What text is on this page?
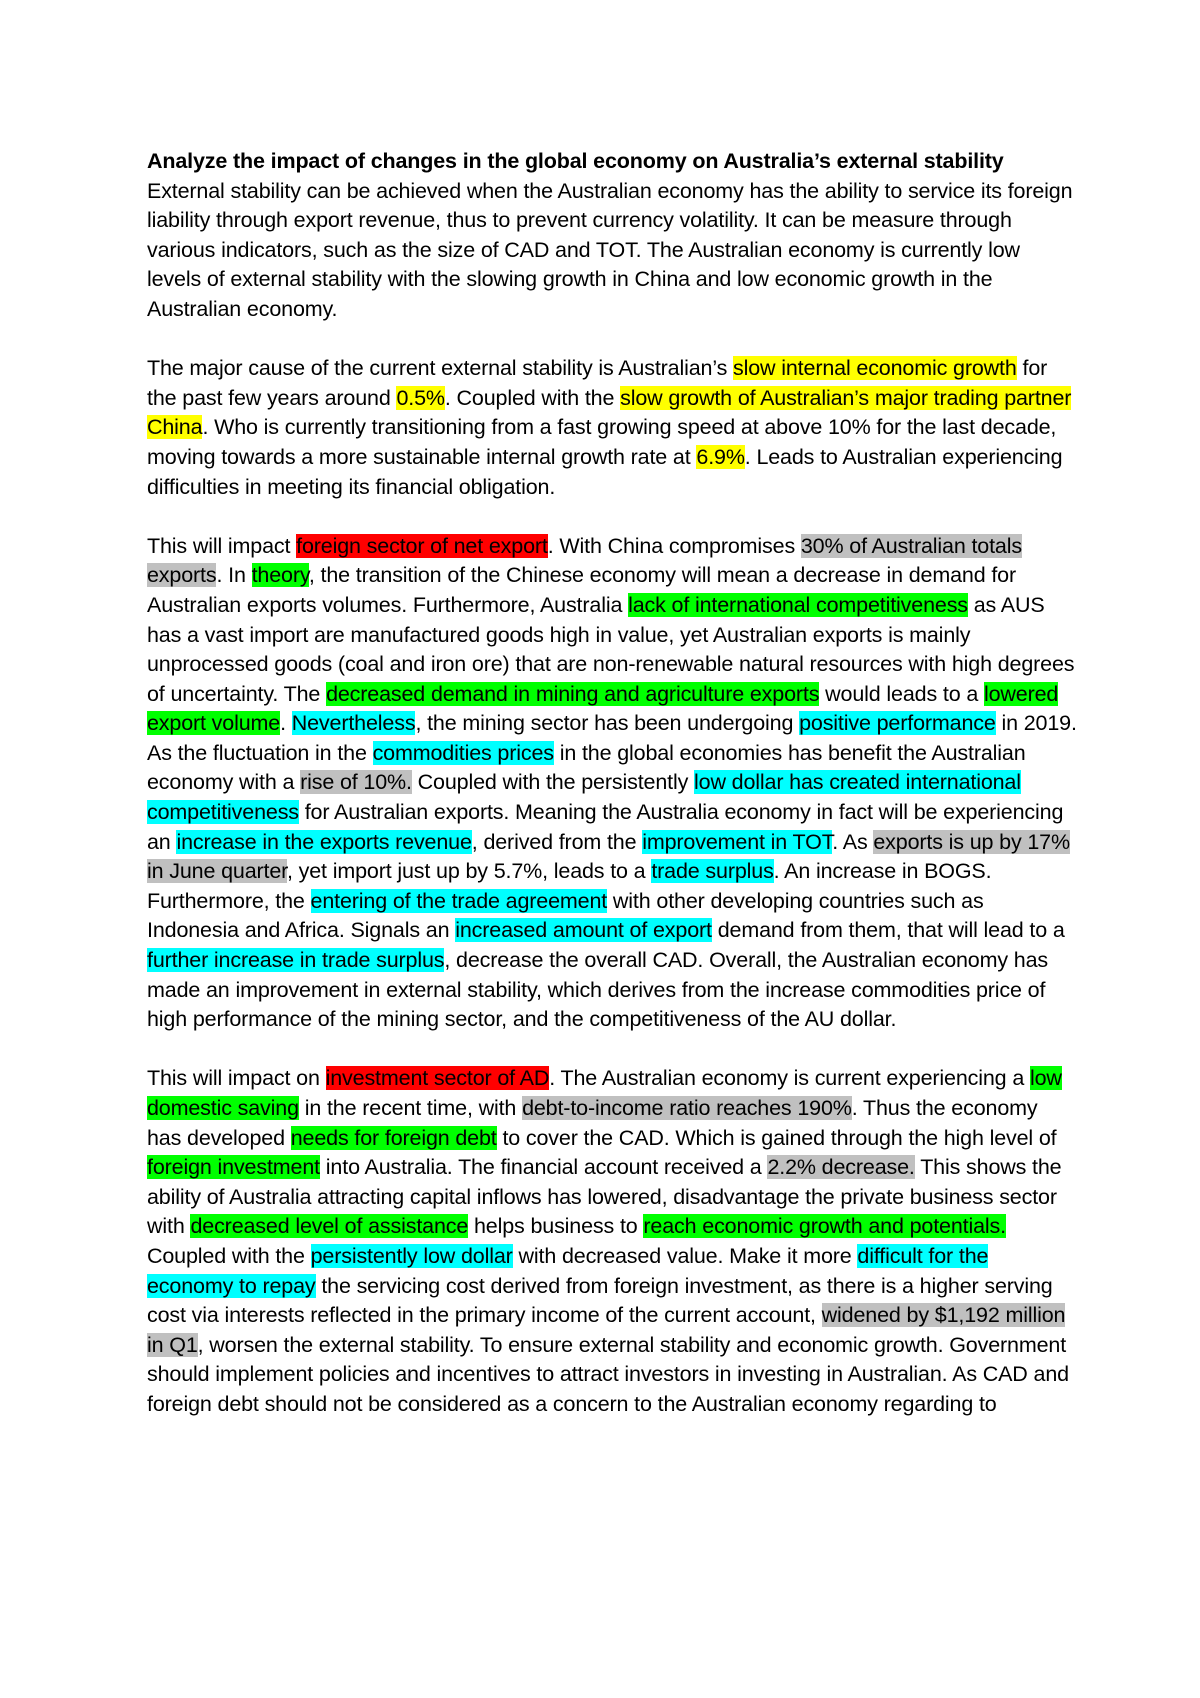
Analyze the impact of changes in the global economy on Australia’s external stability

External stability can be achieved when the Australian economy has the ability to service its foreign liability through export revenue, thus to prevent currency volatility. It can be measure through various indicators, such as the size of CAD and TOT. The Australian economy is currently low levels of external stability with the slowing growth in China and low economic growth in the Australian economy.

The major cause of the current external stability is Australian’s slow internal economic growth for the past few years around 0.5%. Coupled with the slow growth of Australian’s major trading partner China. Who is currently transitioning from a fast growing speed at above 10% for the last decade, moving towards a more sustainable internal growth rate at 6.9%. Leads to Australian experiencing difficulties in meeting its financial obligation.

This will impact foreign sector of net export. With China compromises 30% of Australian totals exports. In theory, the transition of the Chinese economy will mean a decrease in demand for Australian exports volumes. Furthermore, Australia lack of international competitiveness as AUS has a vast import are manufactured goods high in value, yet Australian exports is mainly unprocessed goods (coal and iron ore) that are non-renewable natural resources with high degrees of uncertainty. The decreased demand in mining and agriculture exports would leads to a lowered export volume. Nevertheless, the mining sector has been undergoing positive performance in 2019. As the fluctuation in the commodities prices in the global economies has benefit the Australian economy with a rise of 10%. Coupled with the persistently low dollar has created international competitiveness for Australian exports. Meaning the Australia economy in fact will be experiencing an increase in the exports revenue, derived from the improvement in TOT. As exports is up by 17% in June quarter, yet import just up by 5.7%, leads to a trade surplus. An increase in BOGS. Furthermore, the entering of the trade agreement with other developing countries such as Indonesia and Africa. Signals an increased amount of export demand from them, that will lead to a further increase in trade surplus, decrease the overall CAD. Overall, the Australian economy has made an improvement in external stability, which derives from the increase commodities price of high performance of the mining sector, and the competitiveness of the AU dollar.

This will impact on investment sector of AD. The Australian economy is current experiencing a low domestic saving in the recent time, with debt-to-income ratio reaches 190%. Thus the economy has developed needs for foreign debt to cover the CAD. Which is gained through the high level of foreign investment into Australia. The financial account received a 2.2% decrease. This shows the ability of Australia attracting capital inflows has lowered, disadvantage the private business sector with decreased level of assistance helps business to reach economic growth and potentials. Coupled with the persistently low dollar with decreased value. Make it more difficult for the economy to repay the servicing cost derived from foreign investment, as there is a higher serving cost via interests reflected in the primary income of the current account, widened by $1,192 million in Q1, worsen the external stability. To ensure external stability and economic growth. Government should implement policies and incentives to attract investors in investing in Australian. As CAD and foreign debt should not be considered as a concern to the Australian economy regarding to
